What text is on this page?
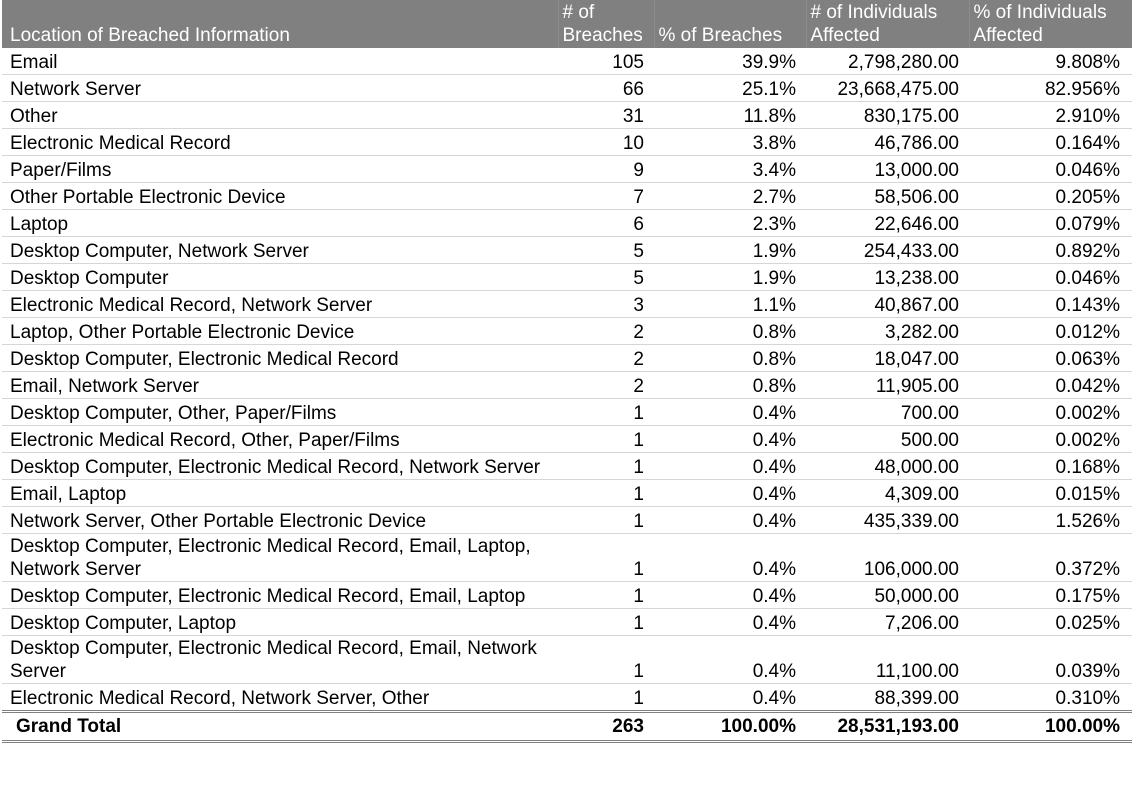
Location of Breached Information	# of Breaches	% of Breaches	# of Individuals Affected	% of Individuals Affected
Email	105	39.9%	2,798,280.00	9.808%
Network Server	66	25.1%	23,668,475.00	82.956%
Other	31	11.8%	830,175.00	2.910%
Electronic Medical Record	10	3.8%	46,786.00	0.164%
Paper/Films	9	3.4%	13,000.00	0.046%
Other Portable Electronic Device	7	2.7%	58,506.00	0.205%
Laptop	6	2.3%	22,646.00	0.079%
Desktop Computer, Network Server	5	1.9%	254,433.00	0.892%
Desktop Computer	5	1.9%	13,238.00	0.046%
Electronic Medical Record, Network Server	3	1.1%	40,867.00	0.143%
Laptop, Other Portable Electronic Device	2	0.8%	3,282.00	0.012%
Desktop Computer, Electronic Medical Record	2	0.8%	18,047.00	0.063%
Email, Network Server	2	0.8%	11,905.00	0.042%
Desktop Computer, Other, Paper/Films	1	0.4%	700.00	0.002%
Electronic Medical Record, Other, Paper/Films	1	0.4%	500.00	0.002%
Desktop Computer, Electronic Medical Record, Network Server	1	0.4%	48,000.00	0.168%
Email, Laptop	1	0.4%	4,309.00	0.015%
Network Server, Other Portable Electronic Device	1	0.4%	435,339.00	1.526%
Desktop Computer, Electronic Medical Record, Email, Laptop, Network Server	1	0.4%	106,000.00	0.372%
Desktop Computer, Electronic Medical Record, Email, Laptop	1	0.4%	50,000.00	0.175%
Desktop Computer, Laptop	1	0.4%	7,206.00	0.025%
Desktop Computer, Electronic Medical Record, Email, Network Server	1	0.4%	11,100.00	0.039%
Electronic Medical Record, Network Server, Other	1	0.4%	88,399.00	0.310%
Grand Total	263	100.00%	28,531,193.00	100.00%
